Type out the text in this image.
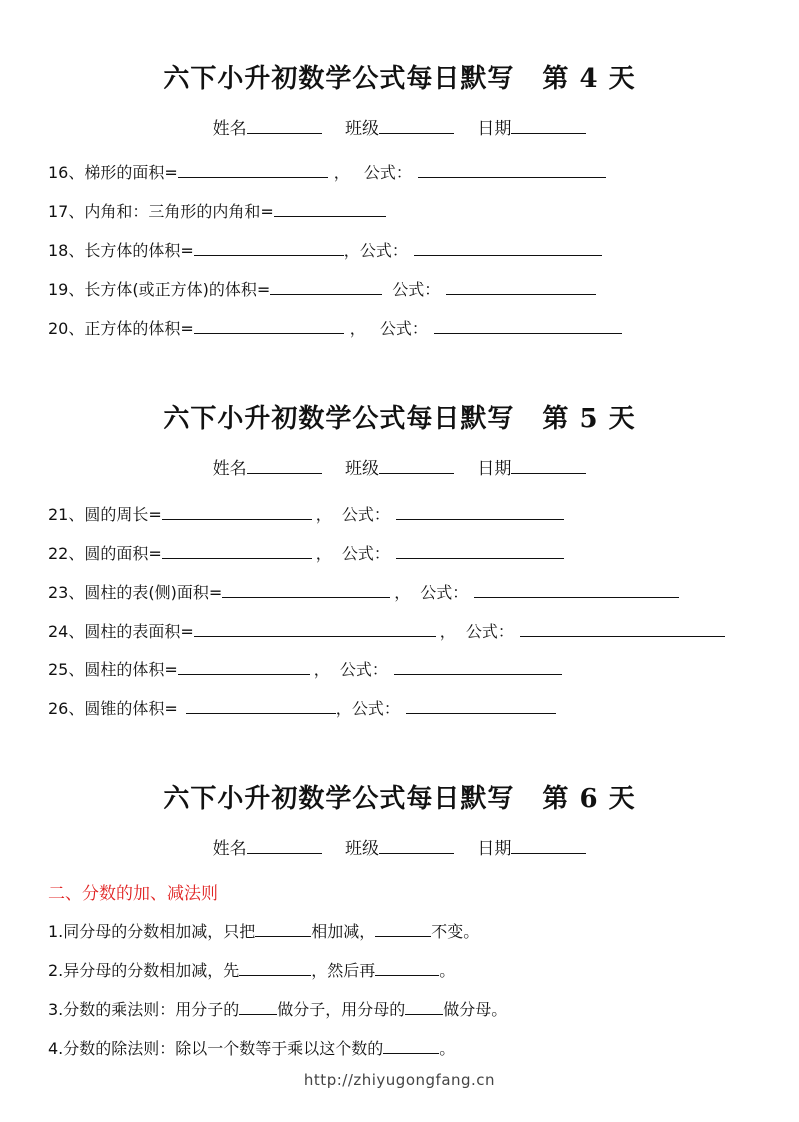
六下小升初数学公式每日默写 第 4 天
姓名	班级	日期
16、梯形的面积=	， 公式：
17、内角和：三角形的内角和=
18、长方体的体积=	，公式：
19、长方体(或正方体)的体积=	公式：
20、正方体的体积=	， 公式：
六下小升初数学公式每日默写 第 5 天
姓名	班级	日期
21、圆的周长=	， 公式：
22、圆的面积=	， 公式：
23、圆柱的表(侧)面积=	， 公式：
24、圆柱的表面积=	， 公式：
25、圆柱的体积=	， 公式：
26、圆锥的体积=	，公式：
六下小升初数学公式每日默写 第 6 天
姓名	班级	日期
二、分数的加、减法则
1.同分母的分数相加减，只把	相加减，	不变。
2.异分母的分数相加减，先	，然后再	。
3.分数的乘法则：用分子的 做分子，用分母的 做分母。
4.分数的除法则：除以一个数等于乘以这个数的	。
http://zhiyugongfang.cn
